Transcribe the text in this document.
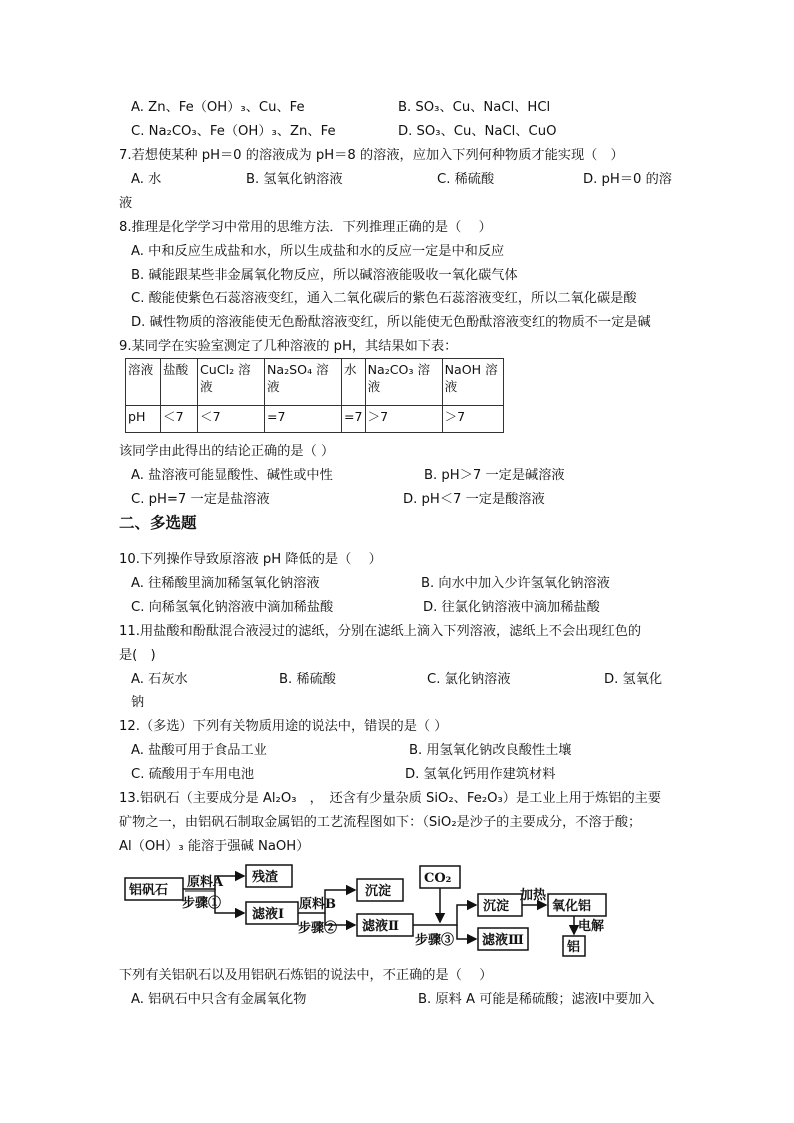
A. Zn、Fe（OH）₃、Cu、Fe	B. SO₃、Cu、NaCl、HCl
C. Na₂CO₃、Fe（OH）₃、Zn、Fe	D. SO₃、Cu、NaCl、CuO
7.若想使某种 pH＝0 的溶液成为 pH＝8 的溶液，应加入下列何种物质才能实现（　）
A. 水	B. 氢氧化钠溶液	C. 稀硫酸	D. pH＝0 的溶
液
8.推理是化学学习中常用的思维方法．下列推理正确的是（　 ）
A. 中和反应生成盐和水，所以生成盐和水的反应一定是中和反应
B. 碱能跟某些非金属氧化物反应，所以碱溶液能吸收一氧化碳气体
C. 酸能使紫色石蕊溶液变红，通入二氧化碳后的紫色石蕊溶液变红，所以二氧化碳是酸
D. 碱性物质的溶液能使无色酚酞溶液变红，所以能使无色酚酞溶液变红的物质不一定是碱
9.某同学在实验室测定了几种溶液的 pH，其结果如下表：
溶液	盐酸	CuCl₂ 溶液	Na₂SO₄ 溶液	水	Na₂CO₃ 溶液	NaOH 溶液
pH	＜7	＜7	=7	=7	＞7	＞7
该同学由此得出的结论正确的是（ ）
A. 盐溶液可能显酸性、碱性或中性	B. pH＞7 一定是碱溶液
C. pH=7 一定是盐溶液	D. pH＜7 一定是酸溶液
二、多选题
10.下列操作导致原溶液 pH 降低的是（　 ）
A. 往稀酸里滴加稀氢氧化钠溶液	B. 向水中加入少许氢氧化钠溶液
C. 向稀氢氧化钠溶液中滴加稀盐酸	D. 往氯化钠溶液中滴加稀盐酸
11.用盐酸和酚酞混合液浸过的滤纸，分别在滤纸上滴入下列溶液，滤纸上不会出现红色的
是(　)
A. 石灰水	B. 稀硫酸	C. 氯化钠溶液	D. 氢氧化
钠
12.（多选）下列有关物质用途的说法中，错误的是（ ）
A. 盐酸可用于食品工业	B. 用氢氧化钠改良酸性土壤
C. 硫酸用于车用电池	D. 氢氧化钙用作建筑材料
13.铝矾石（主要成分是 Al₂O₃　，　还含有少量杂质 SiO₂、Fe₂O₃）是工业上用于炼铝的主要
矿物之一，由铝矾石制取金属铝的工艺流程图如下：（SiO₂是沙子的主要成分，不溶于酸；
Al（OH）₃ 能溶于强碱 NaOH）
铝矾石
原料A
步骤①
残渣
滤液Ⅰ
原料B
步骤②
沉淀
滤液Ⅱ
CO₂
步骤③
沉淀
加热
氧化铝
电解
滤液Ⅲ	铝
下列有关铝矾石以及用铝矾石炼铝的说法中，不正确的是（　 ）
A. 铝矾石中只含有金属氧化物	B. 原料 A 可能是稀硫酸；滤液Ⅰ中要加入
